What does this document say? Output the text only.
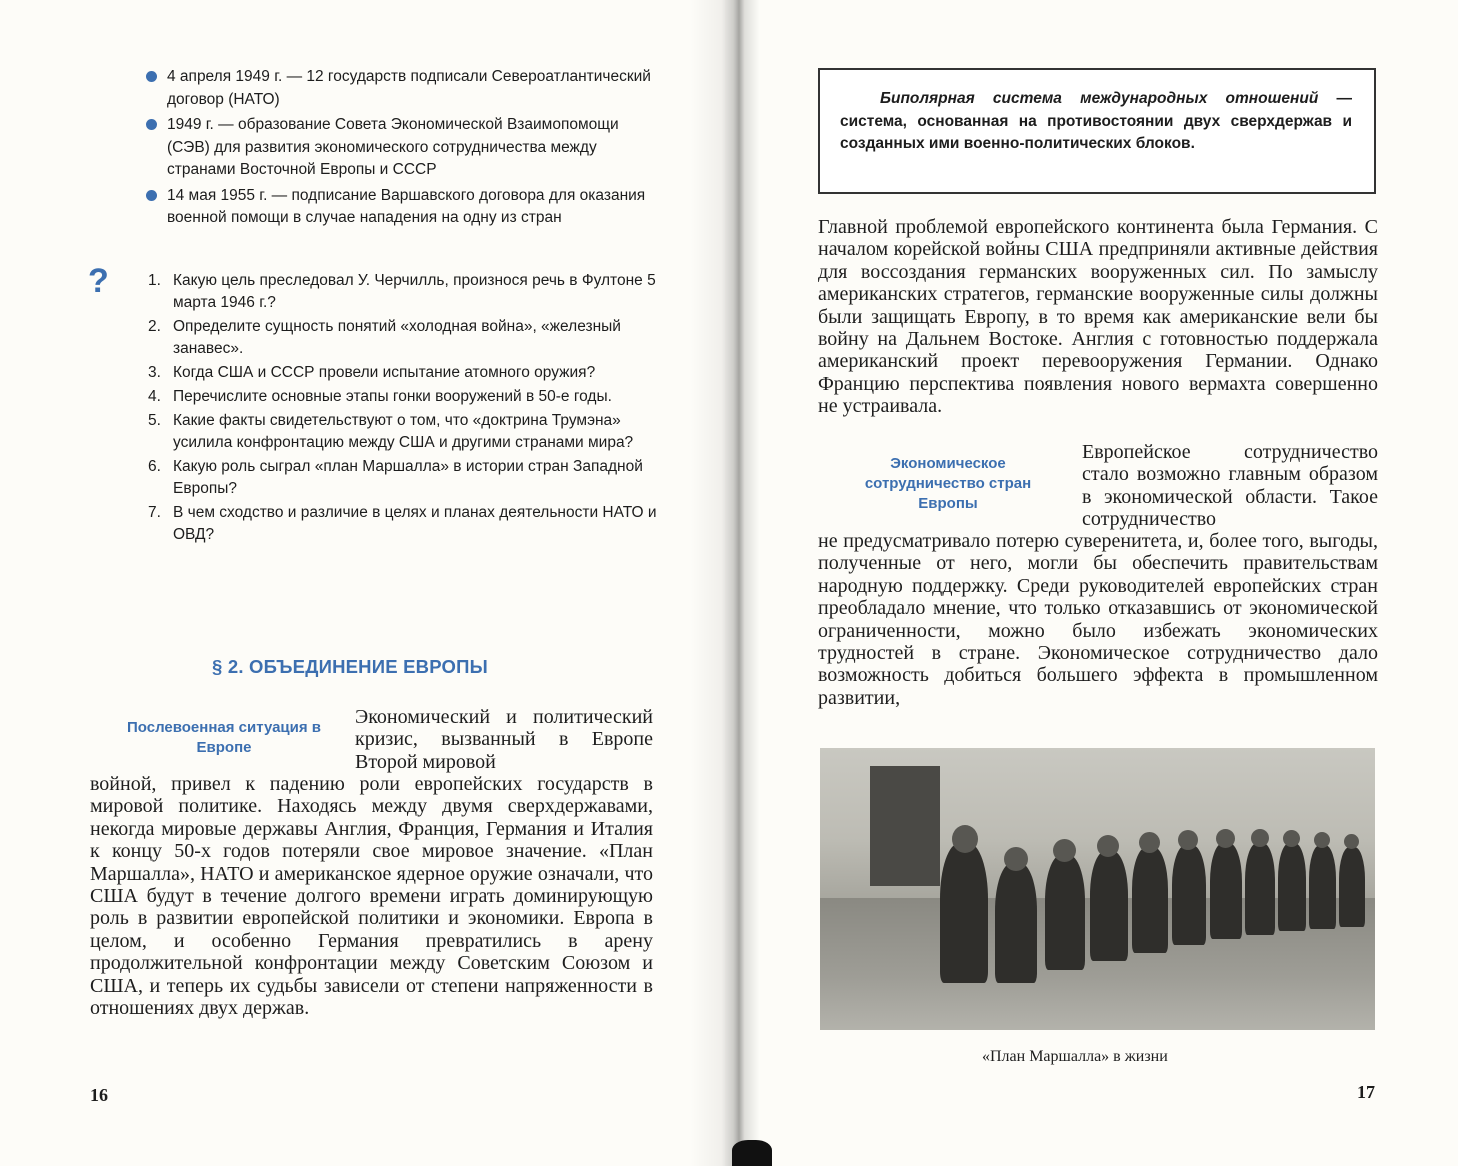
4 апреля 1949 г. — 12 государств подписали Североатлантический договор (НАТО)
1949 г. — образование Совета Экономической Взаимопомощи (СЭВ) для развития экономического сотрудничества между странами Восточной Европы и СССР
14 мая 1955 г. — подписание Варшавского договора для оказания военной помощи в случае нападения на одну из стран
?	1. Какую цель преследовал У. Черчилль, произнося речь в Фултоне 5 марта 1946 г.?
2. Определите сущность понятий «холодная война», «железный занавес».
3. Когда США и СССР провели испытание атомного оружия?
4. Перечислите основные этапы гонки вооружений в 50-е годы.
5. Какие факты свидетельствуют о том, что «доктрина Трумэна» усилила конфронтацию между США и другими странами мира?
6. Какую роль сыграл «план Маршалла» в истории стран Западной Европы?
7. В чем сходство и различие в целях и планах деятельности НАТО и ОВД?
§ 2. ОБЪЕДИНЕНИЕ ЕВРОПЫ
Послевоенная ситуация в Европе
Экономический и политический кризис, вызванный в Европе Второй мировой
войной, привел к падению роли европейских государств в мировой политике. Находясь между двумя сверхдержавами, некогда мировые державы Англия, Франция, Германия и Италия к концу 50-х годов потеряли свое мировое значение. «План Маршалла», НАТО и американское ядерное оружие означали, что США будут в течение долгого времени играть доминирующую роль в развитии европейской политики и экономики. Европа в целом, и особенно Германия превратились в арену продолжительной конфронтации между Советским Союзом и США, и теперь их судьбы зависели от степени напряженности в отношениях двух держав.
16
Биполярная система международных отношений — система, основанная на противостоянии двух сверхдержав и созданных ими военно-политических блоков.
Главной проблемой европейского континента была Германия. С началом корейской войны США предприняли активные действия для воссоздания германских вооруженных сил. По замыслу американских стратегов, германские вооруженные силы должны были защищать Европу, в то время как американские вели бы войну на Дальнем Востоке. Англия с готовностью поддержала американский проект перевооружения Германии. Однако Францию перспектива появления нового вермахта совершенно не устраивала.
Экономическое сотрудничество стран Европы
Европейское сотрудничество стало возможно главным образом в экономической области. Такое сотрудничество
не предусматривало потерю суверенитета, и, более того, выгоды, полученные от него, могли бы обеспечить правительствам народную поддержку. Среди руководителей европейских стран преобладало мнение, что только отказавшись от экономической ограниченности, можно было избежать экономических трудностей в стране. Экономическое сотрудничество дало возможность добиться большего эффекта в промышленном развитии,
«План Маршалла» в жизни
17
